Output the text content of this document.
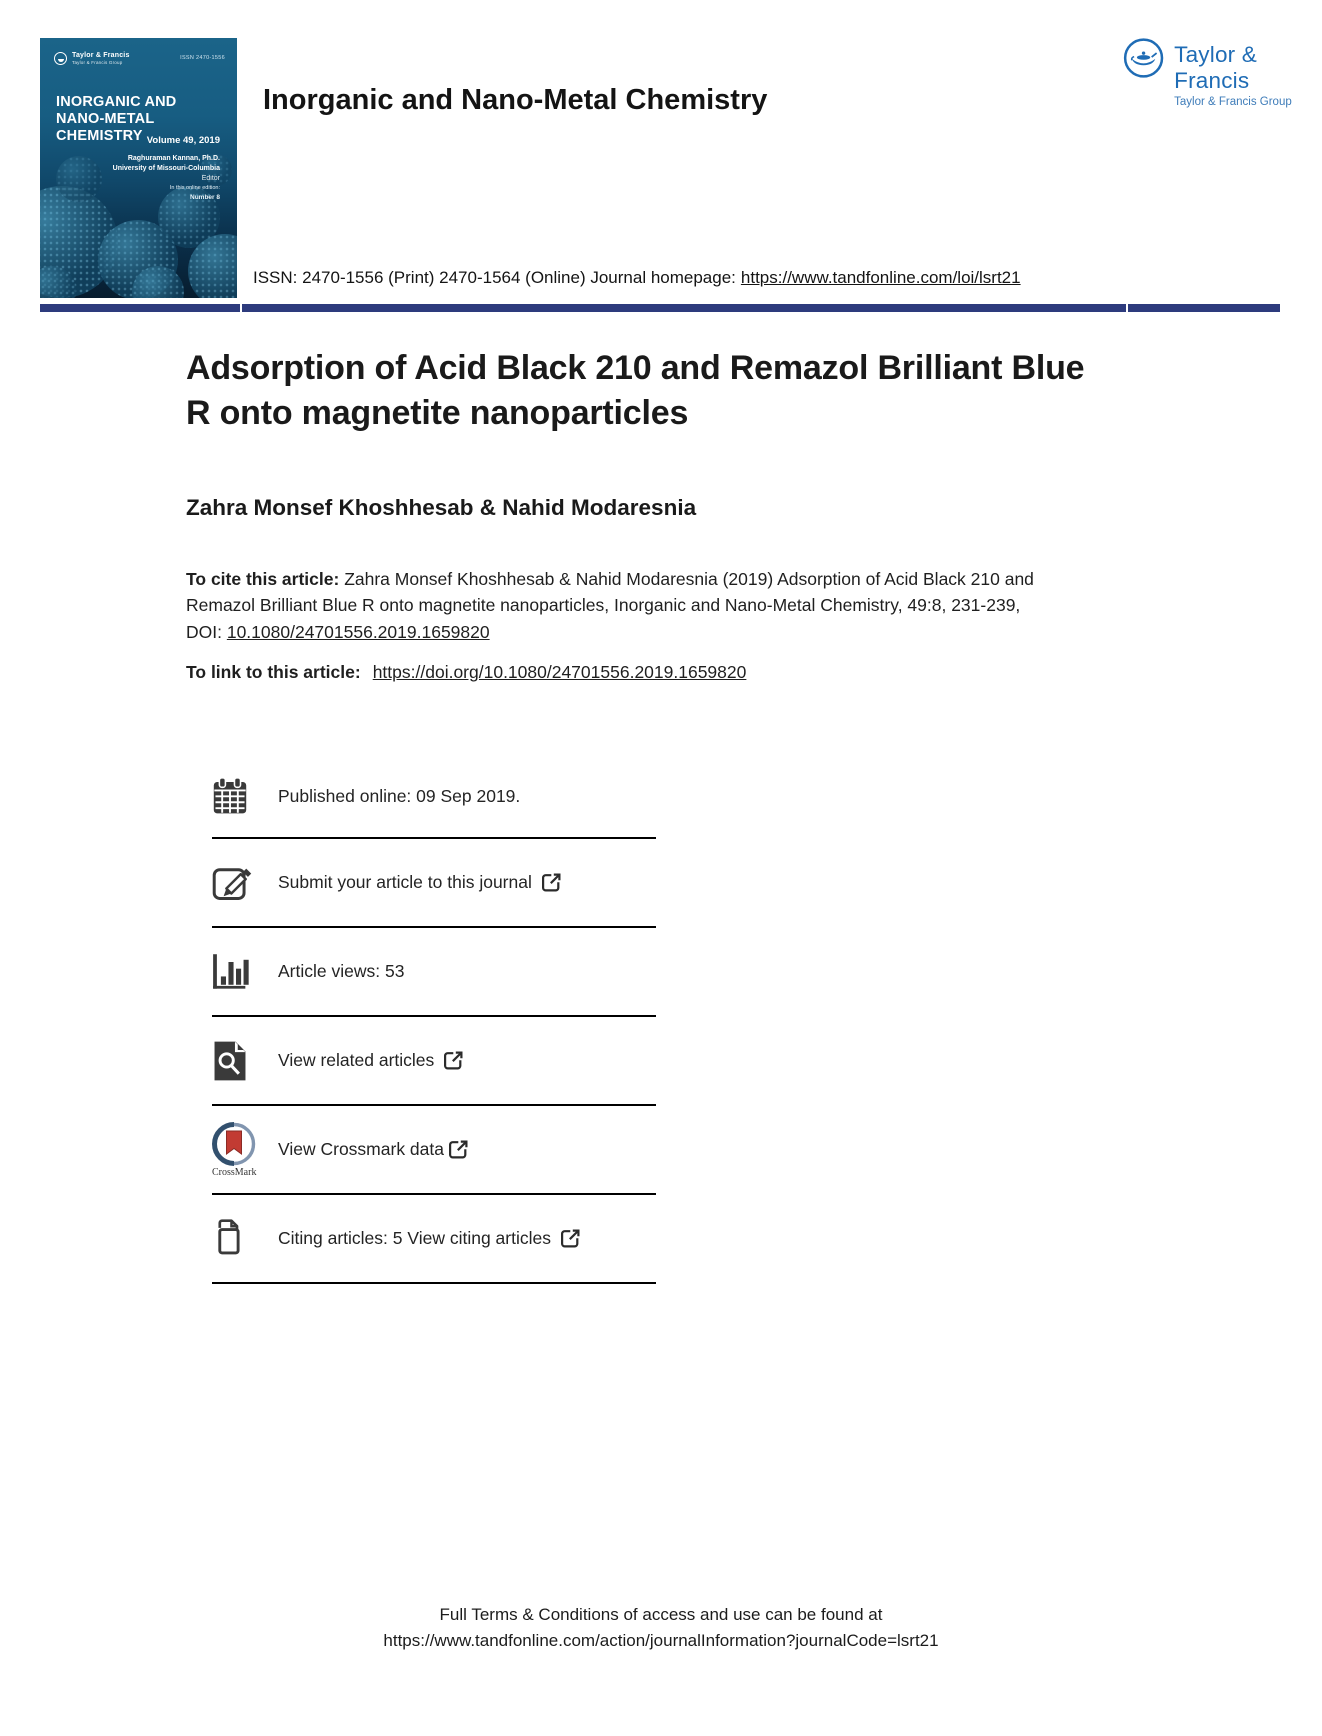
Taylor & Francis
Taylor & Francis Group
ISSN 2470-1556
INORGANIC AND
NANO-METAL CHEMISTRY Volume 49, 2019
Raghuraman Kannan, Ph.D.
University of Missouri-Columbia
Editor
In this online edition:
Number 8
Taylor & Francis
Taylor & Francis Group
Inorganic and Nano-Metal Chemistry

ISSN: 2470-1556 (Print) 2470-1564 (Online) Journal homepage: https://www.tandfonline.com/loi/lsrt21

Adsorption of Acid Black 210 and Remazol Brilliant Blue R onto magnetite nanoparticles
Zahra Monsef Khoshhesab & Nahid Modaresnia

To cite this article: Zahra Monsef Khoshhesab & Nahid Modaresnia (2019) Adsorption of Acid Black 210 and Remazol Brilliant Blue R onto magnetite nanoparticles, Inorganic and Nano-Metal Chemistry, 49:8, 231-239, DOI: 10.1080/24701556.2019.1659820

To link to this article: https://doi.org/10.1080/24701556.2019.1659820

Published online: 09 Sep 2019.
Submit your article to this journal
Article views: 53
View related articles
CrossMark
View Crossmark data
Citing articles: 5 View citing articles
Full Terms & Conditions of access and use can be found at
https://www.tandfonline.com/action/journalInformation?journalCode=lsrt21
